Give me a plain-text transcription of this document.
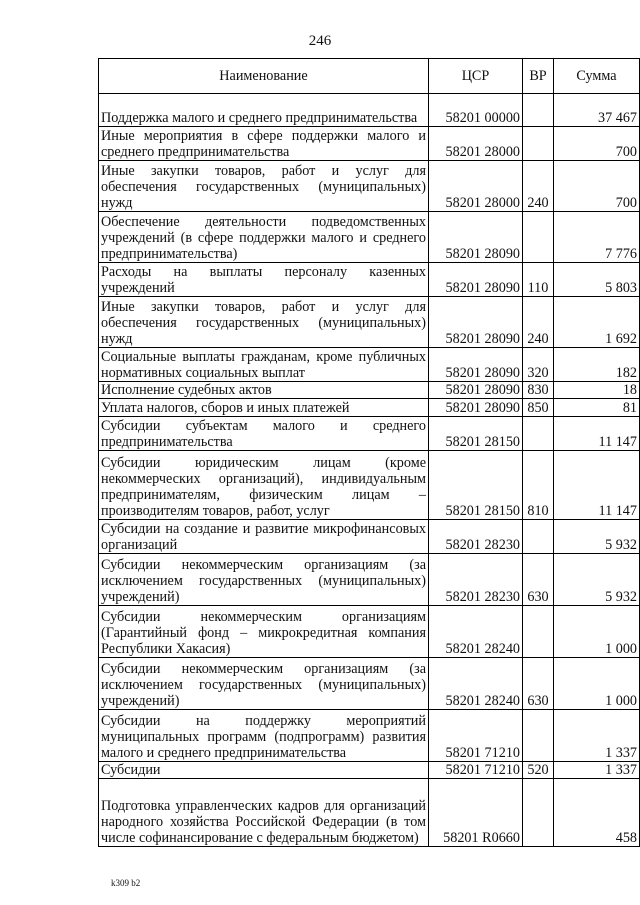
246
Наименование	ЦСР	ВР	Сумма
Поддержка малого и среднего предпринимательства	58201 00000		37 467
Иные мероприятия в сфере поддержки малого и среднего предпринимательства	58201 28000		700
Иные закупки товаров, работ и услуг для обеспечения государственных (муниципальных) нужд	58201 28000	240	700
Обеспечение деятельности подведомственных учреждений (в сфере поддержки малого и среднего предпринимательства)	58201 28090		7 776
Расходы на выплаты персоналу казенных учреждений	58201 28090	110	5 803
Иные закупки товаров, работ и услуг для обеспечения государственных (муниципальных) нужд	58201 28090	240	1 692
Социальные выплаты гражданам, кроме публичных нормативных социальных выплат	58201 28090	320	182
Исполнение судебных актов	58201 28090	830	18
Уплата налогов, сборов и иных платежей	58201 28090	850	81
Субсидии субъектам малого и среднего предпринимательства	58201 28150		11 147
Субсидии юридическим лицам (кроме некоммерческих организаций), индивидуальным предпринимателям, физическим лицам – производителям товаров, работ, услуг	58201 28150	810	11 147
Субсидии на создание и развитие микрофинансовых организаций	58201 28230		5 932
Субсидии некоммерческим организациям (за исключением государственных (муниципальных) учреждений)	58201 28230	630	5 932
Субсидии некоммерческим организациям (Гарантийный фонд – микрокредитная компания Республики Хакасия)	58201 28240		1 000
Субсидии некоммерческим организациям (за исключением государственных (муниципальных) учреждений)	58201 28240	630	1 000
Субсидии на поддержку мероприятий муниципальных программ (подпрограмм) развития малого и среднего предпринимательства	58201 71210		1 337
Субсидии	58201 71210	520	1 337
Подготовка управленческих кадров для организаций народного хозяйства Российской Федерации (в том числе софинансирование с федеральным бюджетом)	58201 R0660		458
k309 b2
